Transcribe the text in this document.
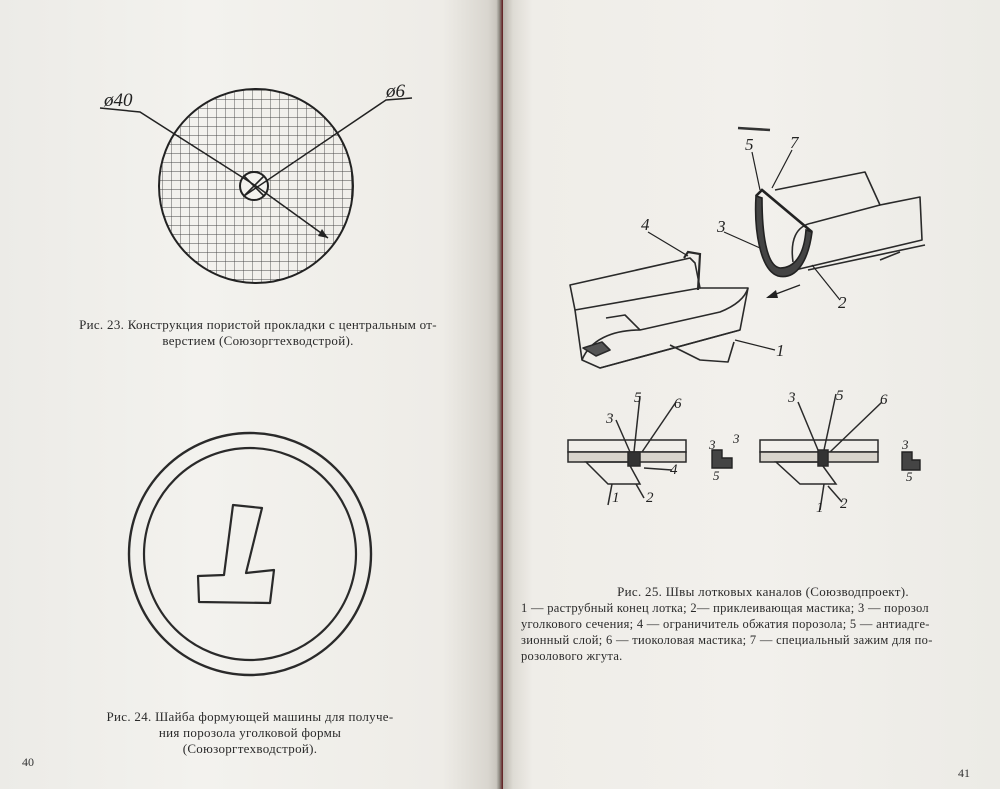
ø40	ø6
Рис. 23. Конструкция пористой прокладки с центральным от-
верстием (Союзоргтехводстрой).
Рис. 24. Шайба формующей машины для получе-
ния порозола уголковой формы
(Союзоргтехводстрой).
40
4	3
5 7
2
1
3
5 6
4
1 2
3 3
5
3	5 6
1 2
3
5
Рис. 25. Швы лотковых каналов (Союзводпроект).
1 — раструбный конец лотка; 2— приклеивающая мастика; 3 — порозол
уголкового сечения; 4 — ограничитель обжатия порозола; 5 — антиадге-
зионный слой; 6 — тиоколовая мастика; 7 — специальный зажим для по-
розолового жгута.
41
